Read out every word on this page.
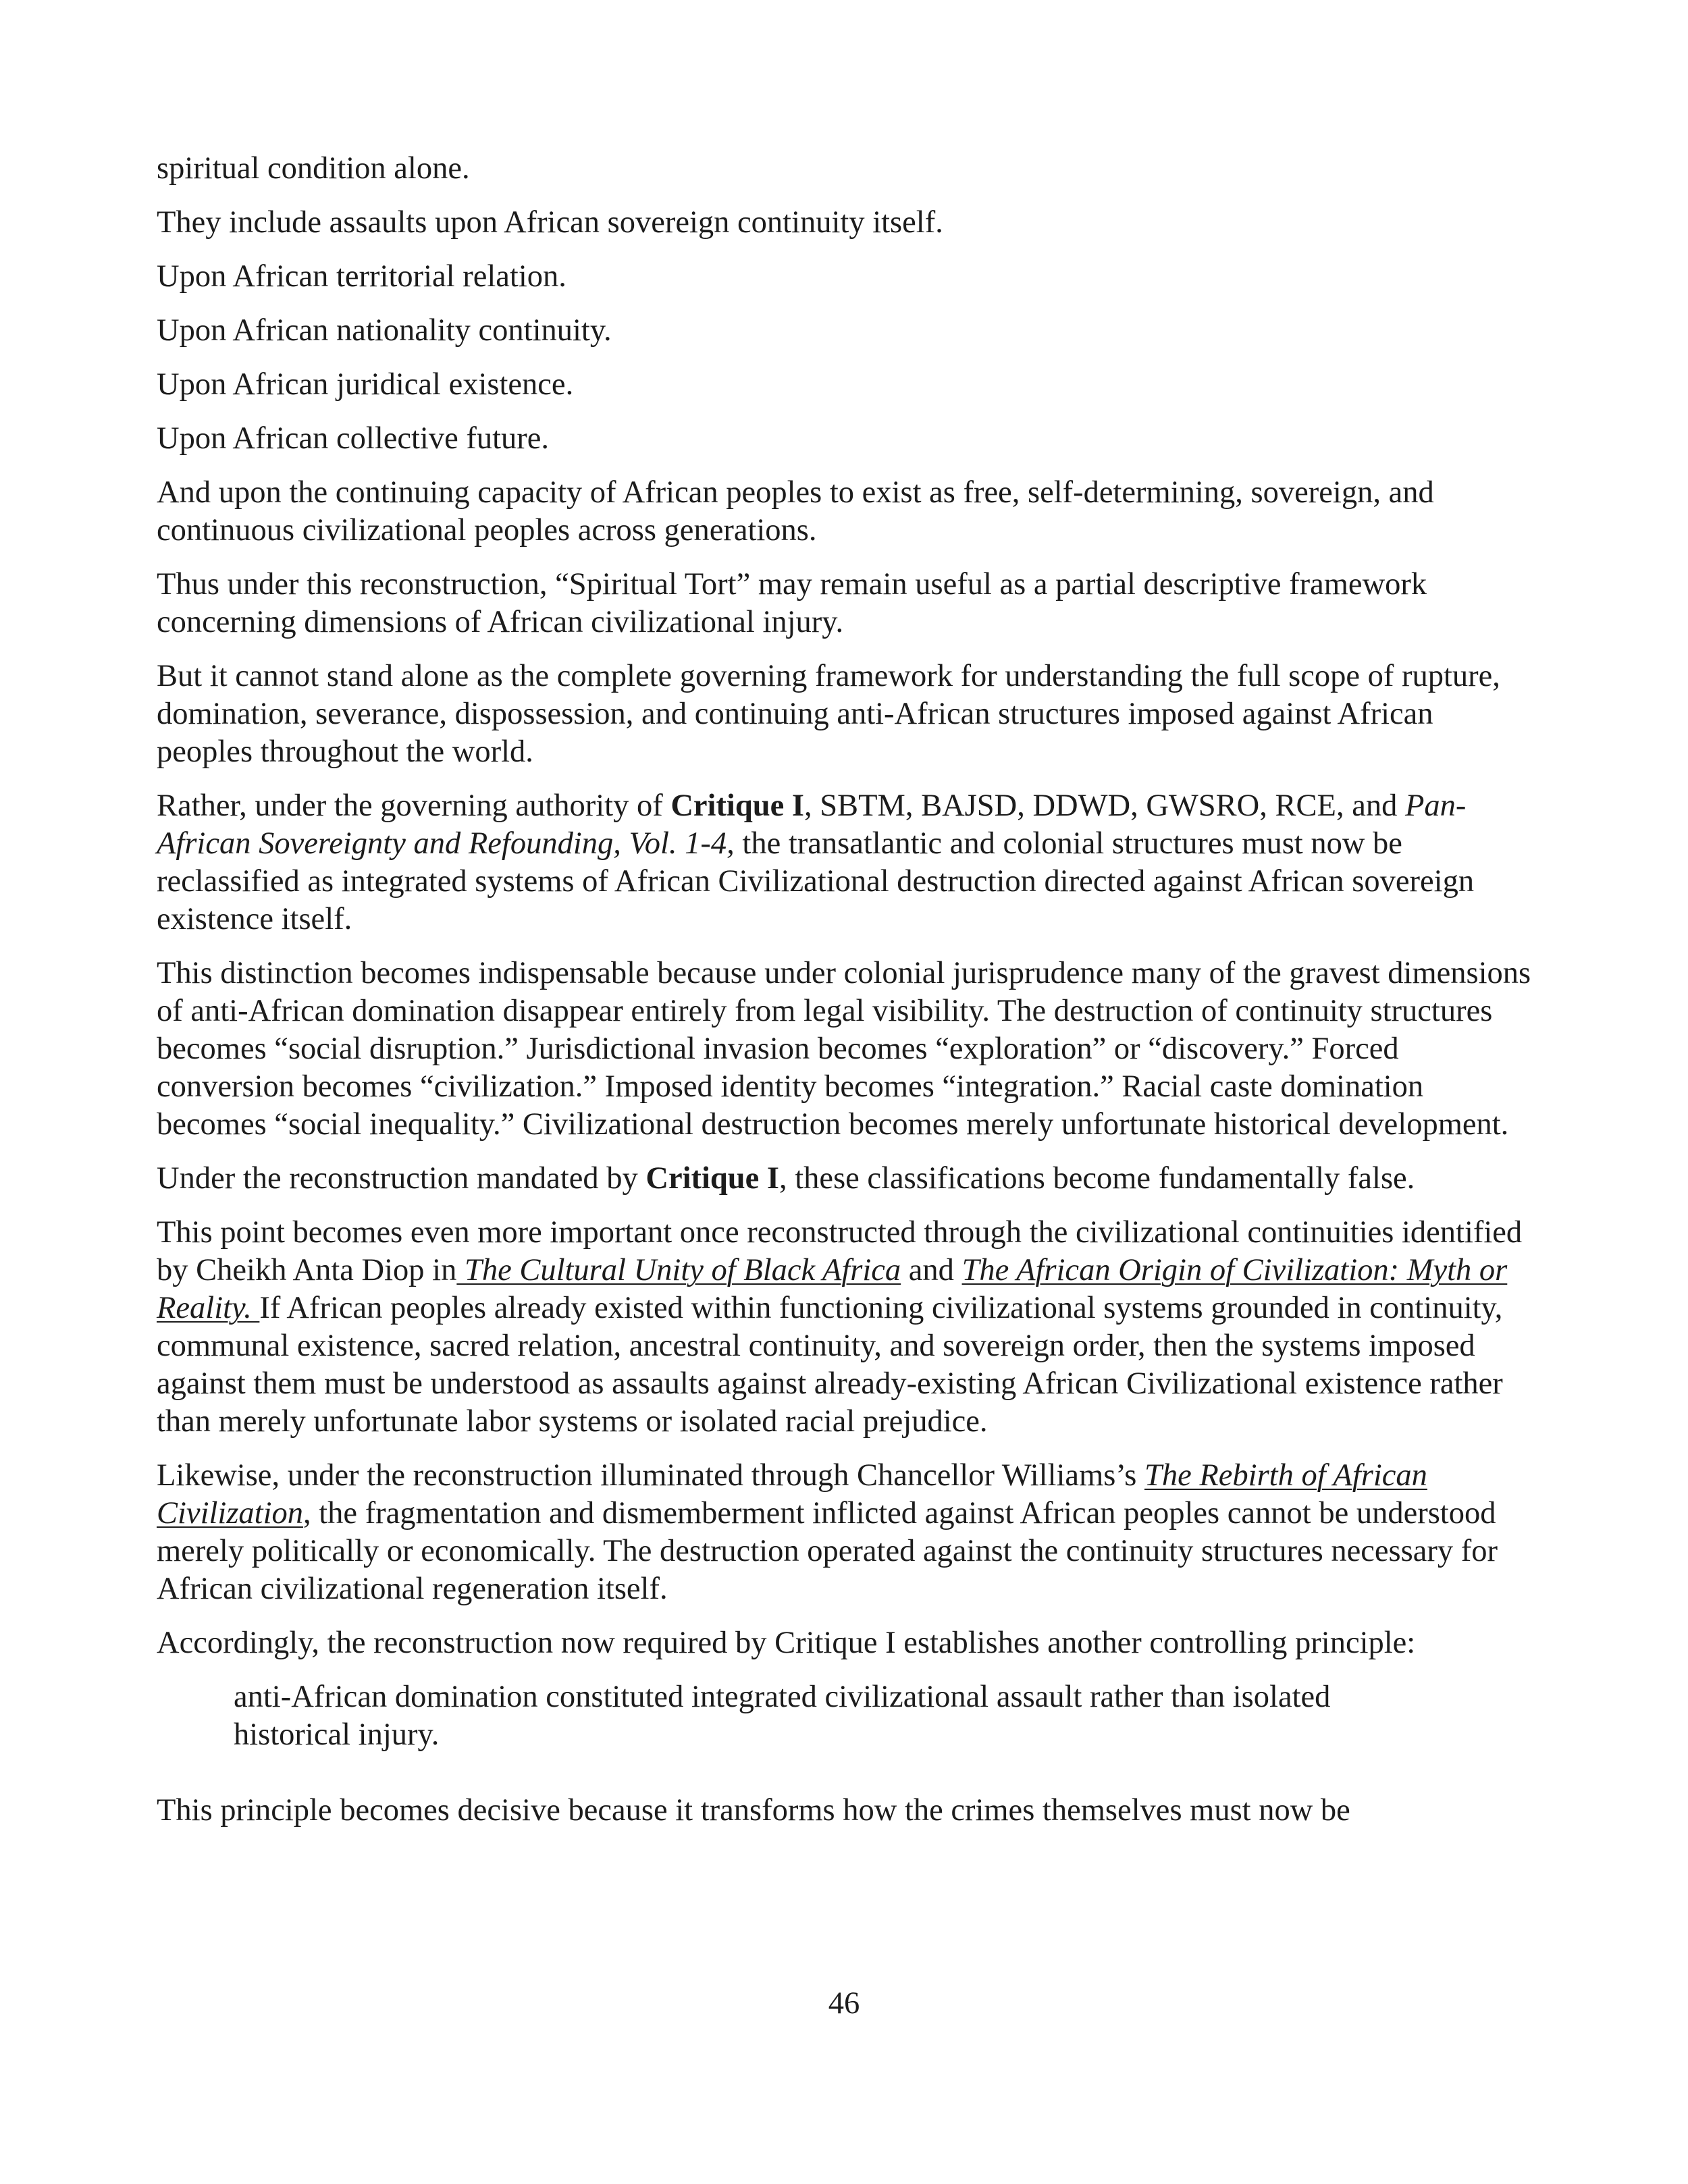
spiritual condition alone.

They include assaults upon African sovereign continuity itself.

Upon African territorial relation.

Upon African nationality continuity.

Upon African juridical existence.

Upon African collective future.

And upon the continuing capacity of African peoples to exist as free, self-determining, sovereign, and continuous civilizational peoples across generations.

Thus under this reconstruction, “Spiritual Tort” may remain useful as a partial descriptive framework concerning dimensions of African civilizational injury.

But it cannot stand alone as the complete governing framework for understanding the full scope of rupture, domination, severance, dispossession, and continuing anti-African structures imposed against African peoples throughout the world.

Rather, under the governing authority of Critique I, SBTM, BAJSD, DDWD, GWSRO, RCE, and Pan-African Sovereignty and Refounding, Vol. 1-4, the transatlantic and colonial structures must now be reclassified as integrated systems of African Civilizational destruction directed against African sovereign existence itself.

This distinction becomes indispensable because under colonial jurisprudence many of the gravest dimensions of anti-African domination disappear entirely from legal visibility. The destruction of continuity structures becomes “social disruption.” Jurisdictional invasion becomes “exploration” or “discovery.” Forced conversion becomes “civilization.” Imposed identity becomes “integration.” Racial caste domination becomes “social inequality.” Civilizational destruction becomes merely unfortunate historical development.

Under the reconstruction mandated by Critique I, these classifications become fundamentally false.

This point becomes even more important once reconstructed through the civilizational continuities identified by Cheikh Anta Diop in The Cultural Unity of Black Africa and The African Origin of Civilization: Myth or Reality. If African peoples already existed within functioning civilizational systems grounded in continuity, communal existence, sacred relation, ancestral continuity, and sovereign order, then the systems imposed against them must be understood as assaults against already-existing African Civilizational existence rather than merely unfortunate labor systems or isolated racial prejudice.

Likewise, under the reconstruction illuminated through Chancellor Williams’s The Rebirth of African Civilization, the fragmentation and dismemberment inflicted against African peoples cannot be understood merely politically or economically. The destruction operated against the continuity structures necessary for African civilizational regeneration itself.

Accordingly, the reconstruction now required by Critique I establishes another controlling principle:

anti-African domination constituted integrated civilizational assault rather than isolated historical injury.

This principle becomes decisive because it transforms how the crimes themselves must now be

46
